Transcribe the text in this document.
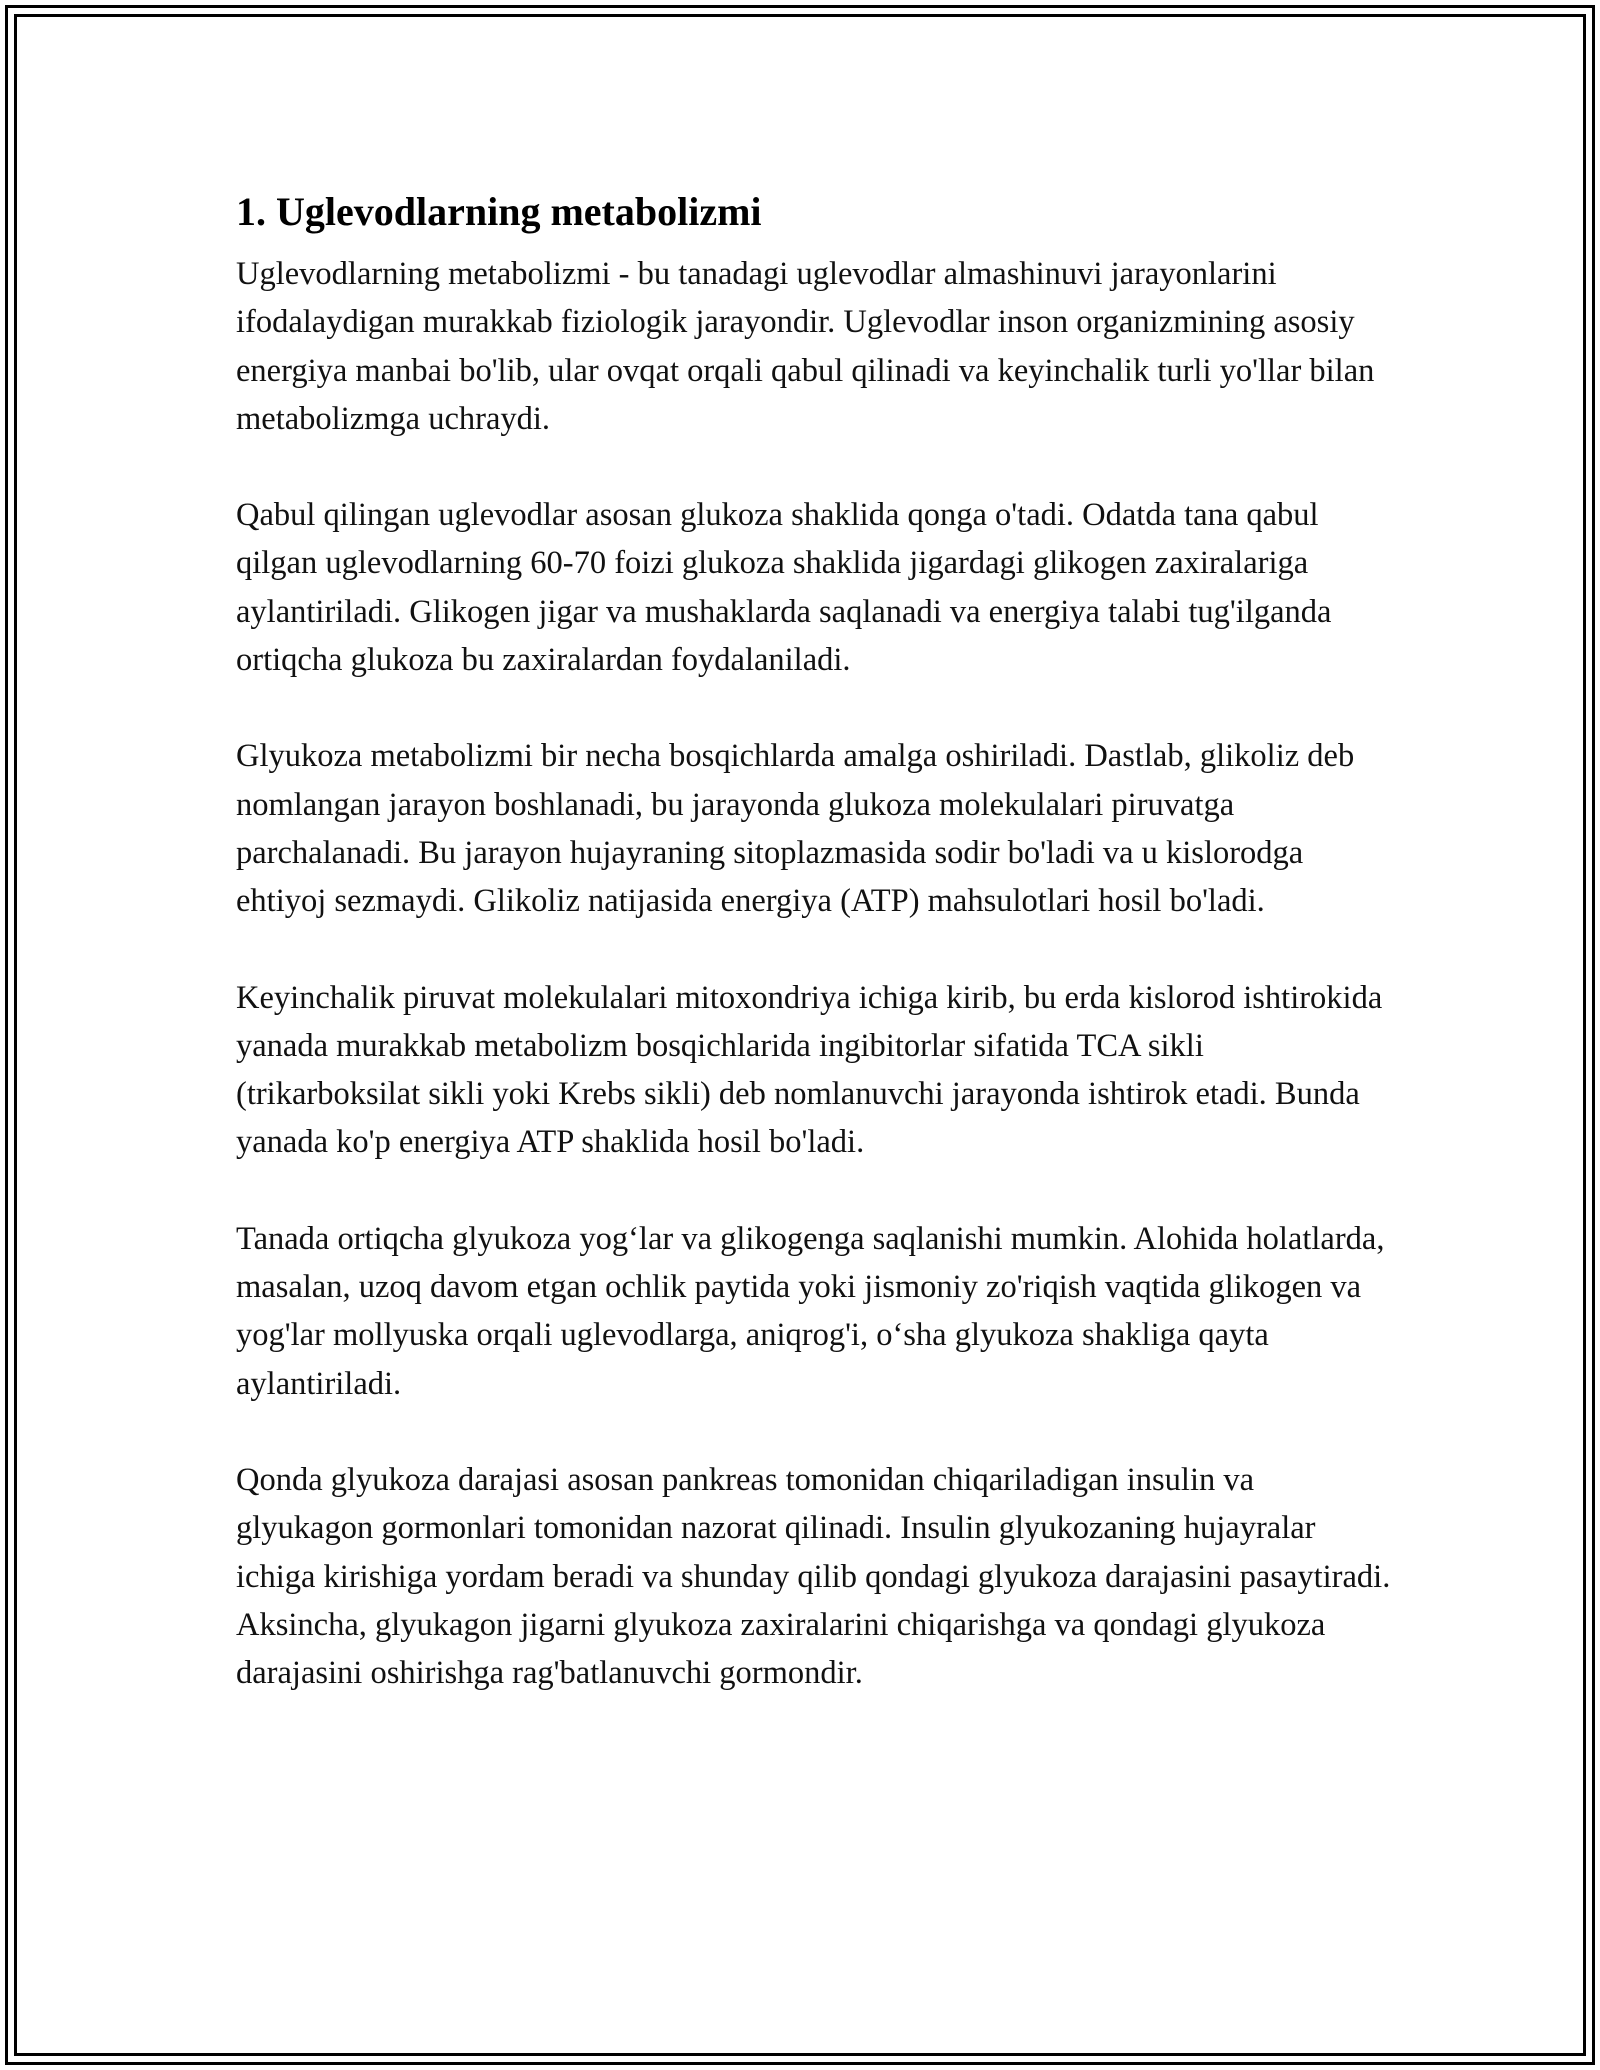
1. Uglevodlarning metabolizmi

Uglevodlarning metabolizmi - bu tanadagi uglevodlar almashinuvi jarayonlarini ifodalaydigan murakkab fiziologik jarayondir. Uglevodlar inson organizmining asosiy energiya manbai bo'lib, ular ovqat orqali qabul qilinadi va keyinchalik turli yo'llar bilan metabolizmga uchraydi.

Qabul qilingan uglevodlar asosan glukoza shaklida qonga o'tadi. Odatda tana qabul qilgan uglevodlarning 60-70 foizi glukoza shaklida jigardagi glikogen zaxiralariga aylantiriladi. Glikogen jigar va mushaklarda saqlanadi va energiya talabi tug'ilganda ortiqcha glukoza bu zaxiralardan foydalaniladi.

Glyukoza metabolizmi bir necha bosqichlarda amalga oshiriladi. Dastlab, glikoliz deb nomlangan jarayon boshlanadi, bu jarayonda glukoza molekulalari piruvatga parchalanadi. Bu jarayon hujayraning sitoplazmasida sodir bo'ladi va u kislorodga ehtiyoj sezmaydi. Glikoliz natijasida energiya (ATP) mahsulotlari hosil bo'ladi.

Keyinchalik piruvat molekulalari mitoxondriya ichiga kirib, bu erda kislorod ishtirokida yanada murakkab metabolizm bosqichlarida ingibitorlar sifatida TCA sikli (trikarboksilat sikli yoki Krebs sikli) deb nomlanuvchi jarayonda ishtirok etadi. Bunda yanada ko'p energiya ATP shaklida hosil bo'ladi.

Tanada ortiqcha glyukoza yog‘lar va glikogenga saqlanishi mumkin. Alohida holatlarda, masalan, uzoq davom etgan ochlik paytida yoki jismoniy zo'riqish vaqtida glikogen va yog'lar mollyuska orqali uglevodlarga, aniqrog'i, o‘sha glyukoza shakliga qayta aylantiriladi.

Qonda glyukoza darajasi asosan pankreas tomonidan chiqariladigan insulin va glyukagon gormonlari tomonidan nazorat qilinadi. Insulin glyukozaning hujayralar ichiga kirishiga yordam beradi va shunday qilib qondagi glyukoza darajasini pasaytiradi. Aksincha, glyukagon jigarni glyukoza zaxiralarini chiqarishga va qondagi glyukoza darajasini oshirishga rag'batlanuvchi gormondir.
